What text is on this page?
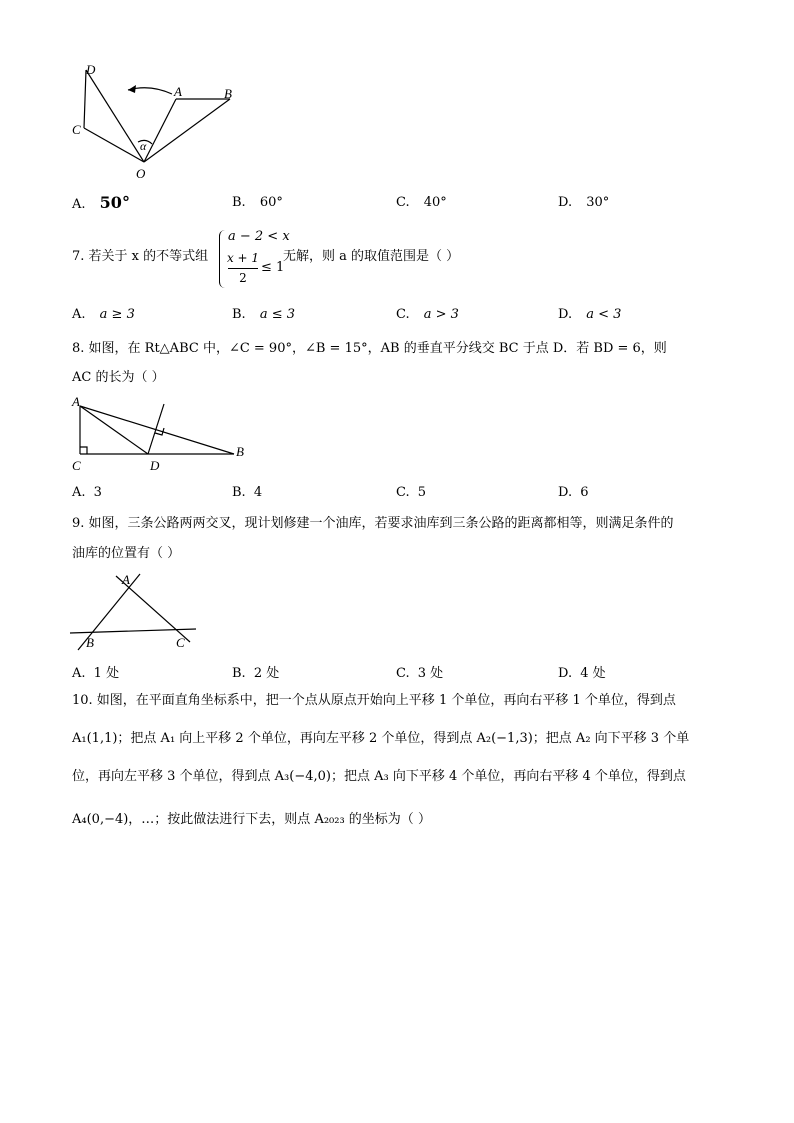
D
A	B
C
O
α
A. 50°	B. 60°	C. 40°	D. 30°
7. 若关于 x 的不等式组
a − 2 < x
x + 1
2
≤ 1
无解，则 a 的取值范围是（ ）
A. a ≥ 3	B. a ≤ 3	C. a > 3	D. a < 3
8. 如图，在 Rt△ABC 中，∠C = 90°，∠B = 15°，AB 的垂直平分线交 BC 于点 D．若 BD = 6，则
AC 的长为（ ）
A
B
C	D
A. 3	B. 4	C. 5	D. 6
9. 如图，三条公路两两交叉，现计划修建一个油库，若要求油库到三条公路的距离都相等，则满足条件的
油库的位置有（ ）
A
B	C
A. 1 处	B. 2 处	C. 3 处	D. 4 处
10. 如图，在平面直角坐标系中，把一个点从原点开始向上平移 1 个单位，再向右平移 1 个单位，得到点
A₁(1,1)；把点 A₁ 向上平移 2 个单位，再向左平移 2 个单位，得到点 A₂(−1,3)；把点 A₂ 向下平移 3 个单
位，再向左平移 3 个单位，得到点 A₃(−4,0)；把点 A₃ 向下平移 4 个单位，再向右平移 4 个单位，得到点
A₄(0,−4)，…；按此做法进行下去，则点 A₂₀₂₃ 的坐标为（ ）
